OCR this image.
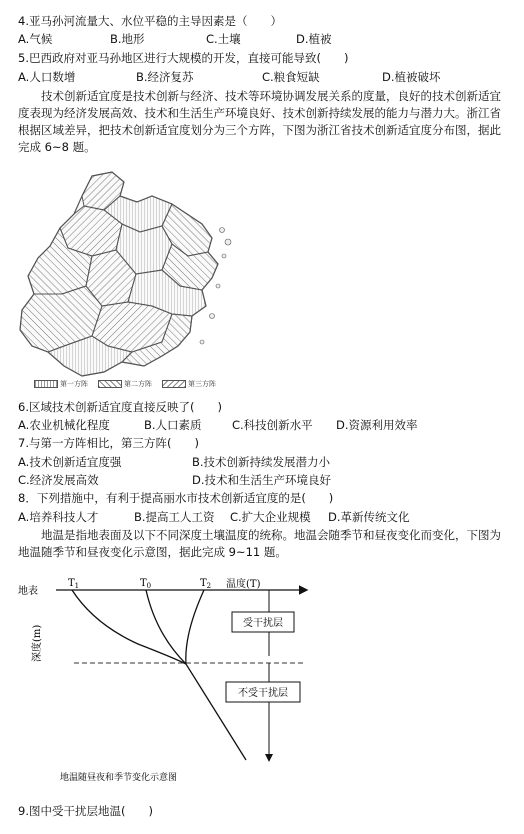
4.亚马孙河流量大、水位平稳的主导因素是（　　）
A.气候	B.地形	C.土壤	D.植被
5.巴西政府对亚马孙地区进行大规模的开发，直接可能导致(　　)
A.人口数增	B.经济复苏	C.粮食短缺	D.植被破坏
　　技术创新适宜度是技术创新与经济、技术等环境协调发展关系的度量，良好的技术创新适宜度表现为经济发展高效、技术和生活生产环境良好、技术创新持续发展的能力与潜力大。浙江省根据区域差异，把技术创新适宜度划分为三个方阵，下图为浙江省技术创新适宜度分布图，据此完成 6~8 题。
第一方阵	第二方阵	第三方阵
6.区域技术创新适宜度直接反映了(　　)
A.农业机械化程度	B.人口素质	C.科技创新水平 D.资源利用效率
7.与第一方阵相比，第三方阵(　　)
A.技术创新适宜度强	B.技术创新持续发展潜力小
C.经济发展高效	D.技术和生活生产环境良好
8．下列措施中，有利于提高丽水市技术创新适宜度的是(　　)
A.培养科技人才	B.提高工人工资 C.扩大企业规模 D.革新传统文化
　　地温是指地表面及以下不同深度土壤温度的统称。地温会随季节和昼夜变化而变化，下图为地温随季节和昼夜变化示意图，据此完成 9~11 题。
地表
温度(T)
$T_1$	$T_0$	$T_2$
深度(m)
受干扰层
不受干扰层
地温随昼夜和季节变化示意图
9.图中受干扰层地温(　　)
